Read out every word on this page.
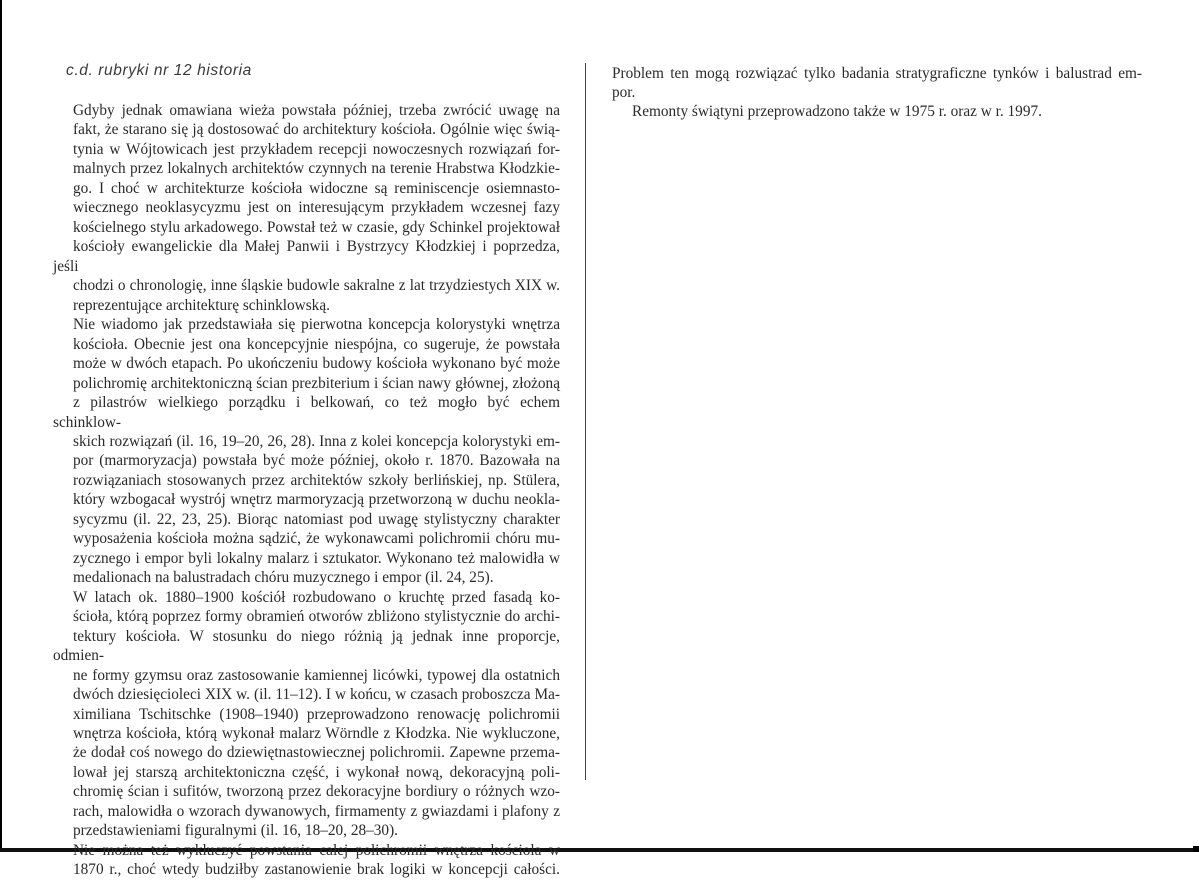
c.d. rubryki nr 12 historia

Gdyby jednak omawiana wieża powstała później, trzeba zwrócić uwagę na
fakt, że starano się ją dostosować do architektury kościoła. Ogólnie więc świą-
tynia w Wójtowicach jest przykładem recepcji nowoczesnych rozwiązań for-
malnych przez lokalnych architektów czynnych na terenie Hrabstwa Kłodzkie-
go. I choć w architekturze kościoła widoczne są reminiscencje osiemnasto-
wiecznego neoklasycyzmu jest on interesującym przykładem wczesnej fazy
kościelnego stylu arkadowego. Powstał też w czasie, gdy Schinkel projektował
kościoły ewangelickie dla Małej Panwii i Bystrzycy Kłodzkiej i poprzedza, jeśli
chodzi o chronologię, inne śląskie budowle sakralne z lat trzydziestych XIX w.
reprezentujące architekturę schinklowską.

Nie wiadomo jak przedstawiała się pierwotna koncepcja kolorystyki wnętrza
kościoła. Obecnie jest ona koncepcyjnie niespójna, co sugeruje, że powstała
może w dwóch etapach. Po ukończeniu budowy kościoła wykonano być może
polichromię architektoniczną ścian prezbiterium i ścian nawy głównej, złożoną
z pilastrów wielkiego porządku i belkowań, co też mogło być echem schinklow-
skich rozwiązań (il. 16, 19–20, 26, 28). Inna z kolei koncepcja kolorystyki em-
por (marmoryzacja) powstała być może później, około r. 1870. Bazowała na
rozwiązaniach stosowanych przez architektów szkoły berlińskiej, np. Stülera,
który wzbogacał wystrój wnętrz marmoryzacją przetworzoną w duchu neokla-
sycyzmu (il. 22, 23, 25). Biorąc natomiast pod uwagę stylistyczny charakter
wyposażenia kościoła można sądzić, że wykonawcami polichromii chóru mu-
zycznego i empor byli lokalny malarz i sztukator. Wykonano też malowidła w
medalionach na balustradach chóru muzycznego i empor (il. 24, 25).

W latach ok. 1880–1900 kościół rozbudowano o kruchtę przed fasadą ko-
ścioła, którą poprzez formy obramień otworów zbliżono stylistycznie do archi-
tektury kościoła. W stosunku do niego różnią ją jednak inne proporcje, odmien-
ne formy gzymsu oraz zastosowanie kamiennej licówki, typowej dla ostatnich
dwóch dziesięcioleci XIX w. (il. 11–12). I w końcu, w czasach proboszcza Ma-
ximiliana Tschitschke (1908–1940) przeprowadzono renowację polichromii
wnętrza kościoła, którą wykonał malarz Wörndle z Kłodzka. Nie wykluczone,
że dodał coś nowego do dziewiętnastowiecznej polichromii. Zapewne przema-
lował jej starszą architektoniczna część, i wykonał nową, dekoracyjną poli-
chromię ścian i sufitów, tworzoną przez dekoracyjne bordiury o różnych wzo-
rach, malowidła o wzorach dywanowych, firmamenty z gwiazdami i plafony z
przedstawieniami figuralnymi (il. 16, 18–20, 28–30).

Nie można też wykluczyć powstania całej polichromii wnętrza kościoła w
1870 r., choć wtedy budziłby zastanowienie brak logiki w koncepcji całości.

Problem ten mogą rozwiązać tylko badania stratygraficzne tynków i balustrad em-
por.

Remonty świątyni przeprowadzono także w 1975 r. oraz w r. 1997.
